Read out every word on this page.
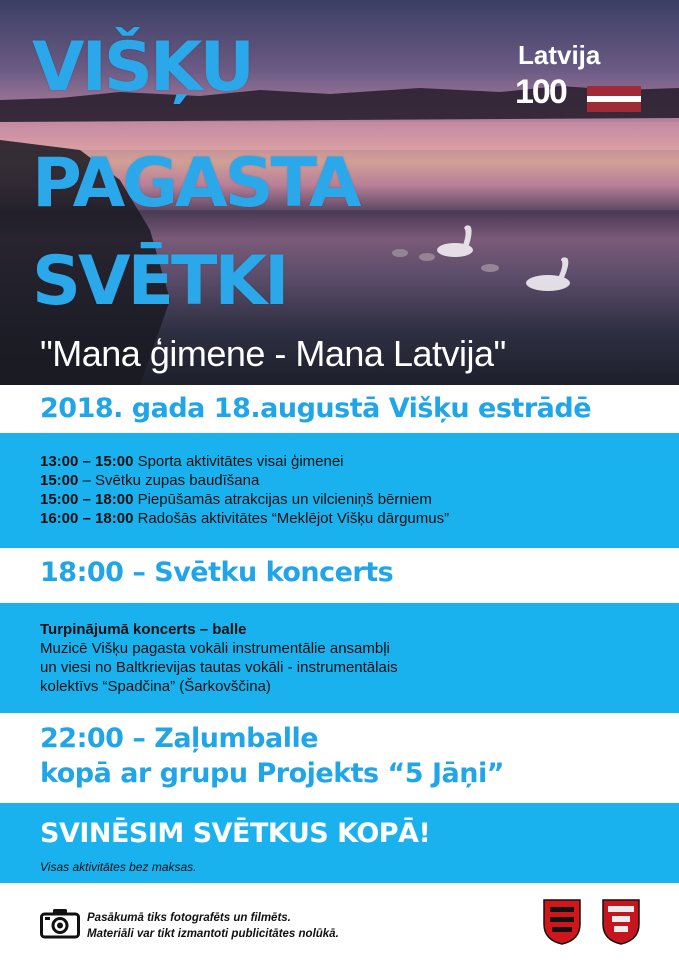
VIŠĶU
PAGASTA
SVĒTKI
"Mana ģimene - Mana Latvija"
Latvija
100
2018. gada 18.augustā Višķu estrādē
13:00 – 15:00 Sporta aktivitātes visai ģimenei
15:00 – Svētku zupas baudīšana
15:00 – 18:00 Piepūšamās atrakcijas un vilcieniņš bērniem
16:00 – 18:00 Radošās aktivitātes “Meklējot Višķu dārgumus”
18:00 – Svētku koncerts
Turpinājumā koncerts – balle
Muzicē Višķu pagasta vokāli instrumentālie ansambļi
un viesi no Baltkrievijas tautas vokāli - instrumentālais
kolektīvs “Spadčina” (Šarkovščina)
22:00 – Zaļumballe
kopā ar grupu Projekts “5 Jāņi”
SVINĒSIM SVĒTKUS KOPĀ!
Visas aktivitātes bez maksas.
Pasākumā tiks fotografēts un filmēts.
Materiāli var tikt izmantoti publicitātes nolūkā.
